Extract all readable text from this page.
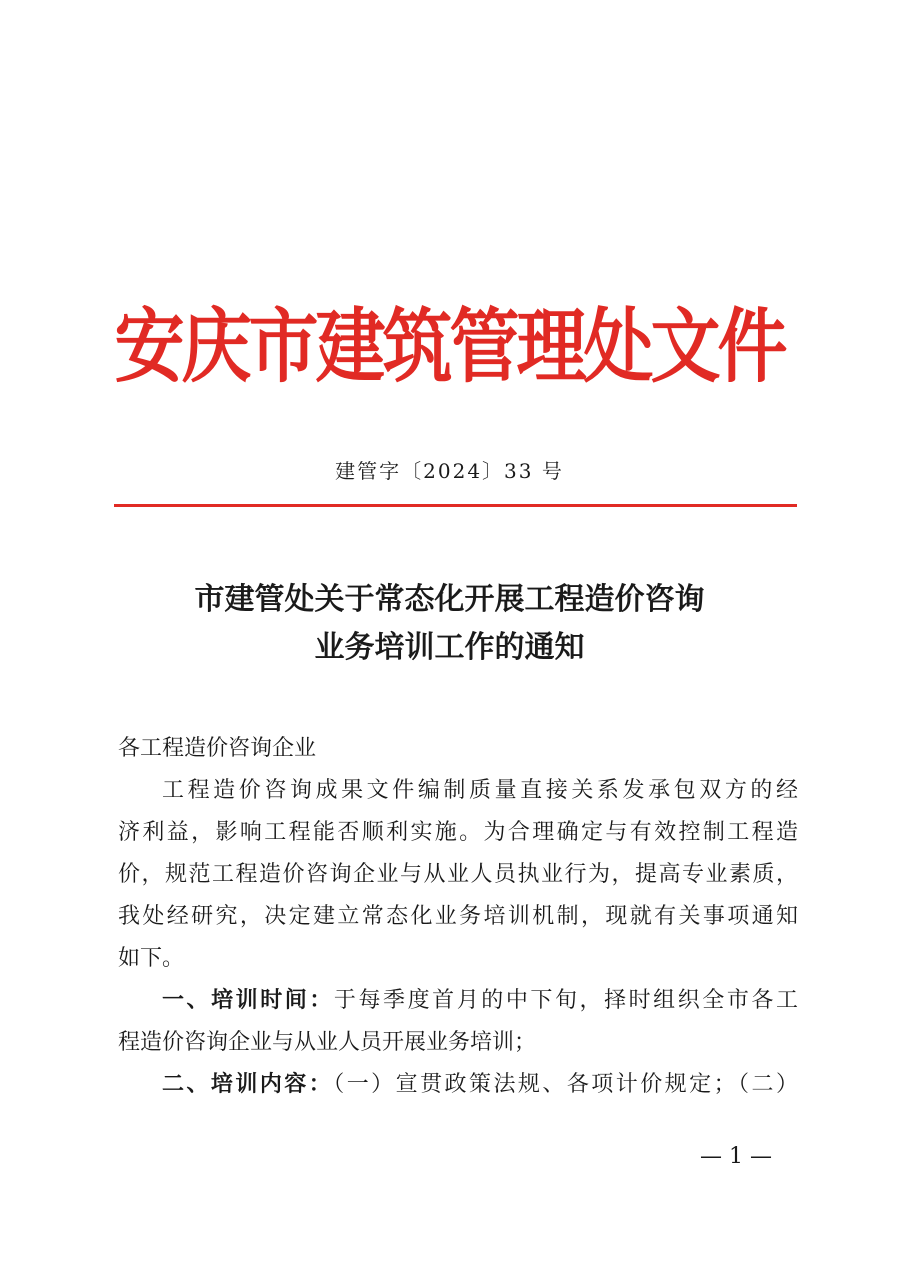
安庆市建筑管理处文件
建管字〔2024〕33 号
市建管处关于常态化开展工程造价咨询
业务培训工作的通知
各工程造价咨询企业
工程造价咨询成果文件编制质量直接关系发承包双方的经
济利益，影响工程能否顺利实施。为合理确定与有效控制工程造
价，规范工程造价咨询企业与从业人员执业行为，提高专业素质，
我处经研究，决定建立常态化业务培训机制，现就有关事项通知
如下。
一、培训时间：于每季度首月的中下旬，择时组织全市各工
程造价咨询企业与从业人员开展业务培训；
二、培训内容：（一）宣贯政策法规、各项计价规定；（二）
— 1 —
